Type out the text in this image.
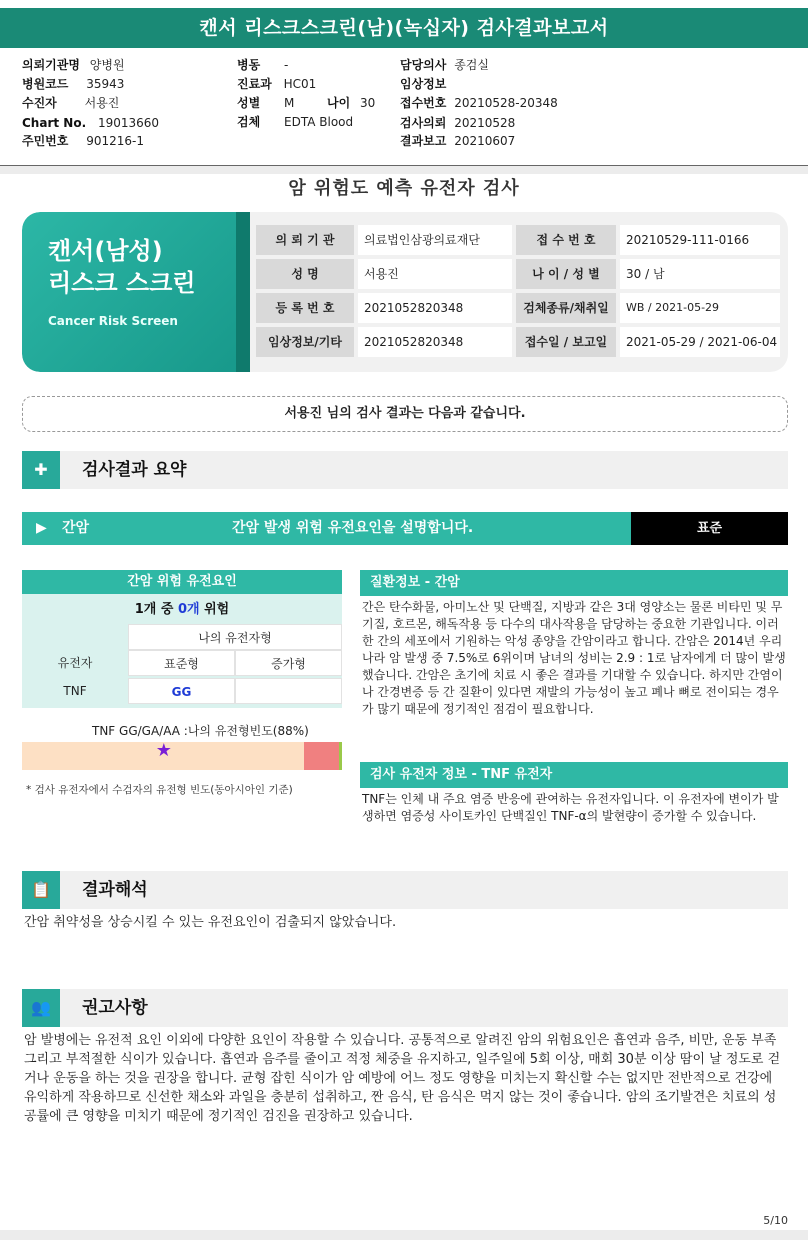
캔서 리스크스크린(남)(녹십자) 검사결과보고서
의뢰기관명 양병원
병원코드 35943
수진자 서용진
Chart No. 19013660
주민번호 901216-1
병동 -
진료과 HC01
성별 M	나이 30
검체 EDTA Blood
담당의사 종검실
임상정보
접수번호 20210528-20348
검사의뢰 20210528
결과보고 20210607
암 위험도 예측 유전자 검사
캔서(남성)
리스크 스크린
Cancer Risk Screen
의 뢰 기 관	의료법인삼광의료재단	접 수 번 호	20210529-111-0166
성 명	서용진	나 이 / 성 별	30 / 남
등 록 번 호	2021052820348	검체종류/채취일	WB / 2021-05-29
임상정보/기타	2021052820348	접수일 / 보고일	2021-05-29 / 2021-06-04
서용진 님의 검사 결과는 다음과 같습니다.
✚	검사결과 요약
▶ 간암	간암 발생 위험 유전요인을 설명합니다.	표준
간암 위험 유전요인
1개 중 0개 위험
나의 유전자형
유전자	표준형	증가형
TNF	GG
TNF GG/GA/AA :나의 유전형빈도(88%)
★
* 검사 유전자에서 수검자의 유전형 빈도(동아시아인 기준)
질환정보 - 간암
간은 탄수화물, 아미노산 및 단백질, 지방과 같은 3대 영양소는 물론 비타민 및 무기질, 호르몬, 해독작용 등 다수의 대사작용을 담당하는 중요한 기관입니다. 이러한 간의 세포에서 기원하는 악성 종양을 간암이라고 합니다. 간암은 2014년 우리나라 암 발생 중 7.5%로 6위이며 남녀의 성비는 2.9 : 1로 남자에게 더 많이 발생했습니다. 간암은 초기에 치료 시 좋은 결과를 기대할 수 있습니다. 하지만 간염이나 간경변증 등 간 질환이 있다면 재발의 가능성이 높고 폐나 뼈로 전이되는 경우가 많기 때문에 정기적인 점검이 필요합니다.
검사 유전자 정보 - TNF 유전자
TNF는 인체 내 주요 염증 반응에 관여하는 유전자입니다. 이 유전자에 변이가 발생하면 염증성 사이토카인 단백질인 TNF-α의 발현량이 증가할 수 있습니다.
📋	결과해석
간암 취약성을 상승시킬 수 있는 유전요인이 검출되지 않았습니다.
👥	권고사항
암 발병에는 유전적 요인 이외에 다양한 요인이 작용할 수 있습니다. 공통적으로 알려진 암의 위험요인은 흡연과 음주, 비만, 운동 부족 그리고 부적절한 식이가 있습니다. 흡연과 음주를 줄이고 적정 체중을 유지하고, 일주일에 5회 이상, 매회 30분 이상 땀이 날 정도로 걷거나 운동을 하는 것을 권장을 합니다. 균형 잡힌 식이가 암 예방에 어느 정도 영향을 미치는지 확신할 수는 없지만 전반적으로 건강에 유익하게 작용하므로 신선한 채소와 과일을 충분히 섭취하고, 짠 음식, 탄 음식은 먹지 않는 것이 좋습니다. 암의 조기발견은 치료의 성공률에 큰 영향을 미치기 때문에 정기적인 검진을 권장하고 있습니다.
5/10
